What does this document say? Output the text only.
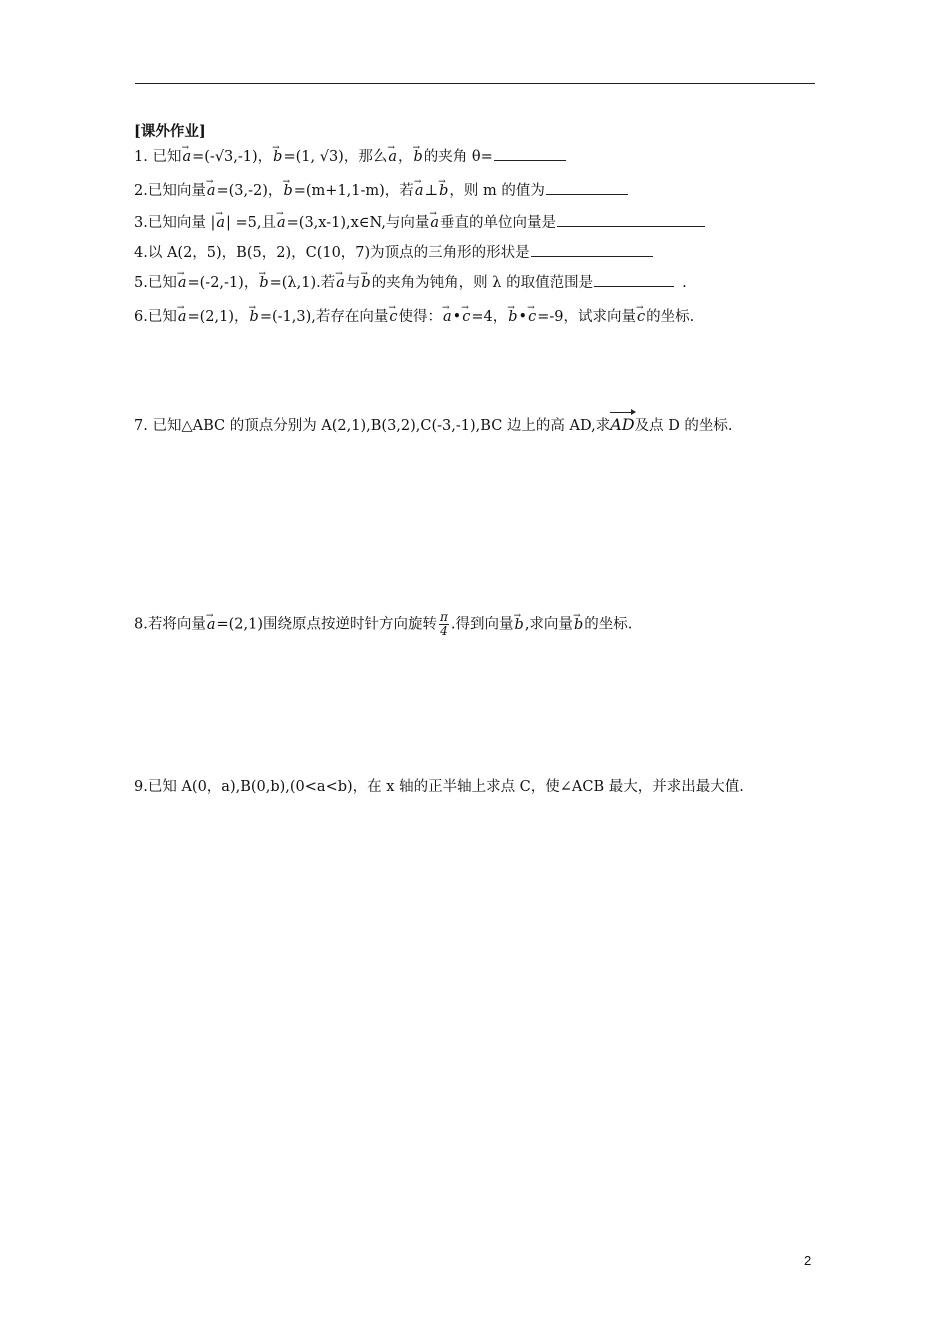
[课外作业]
1. 已知→ a=(-√3,-1)，→ b=(1, √3)，那么→ a，→ b的夹角 θ=
2.已知向量→ a=(3,-2)，→ b=(m+1,1-m)，若→ a⊥→ b，则 m 的值为
3.已知向量 |→ a| =5,且→ a=(3,x-1),x∈N,与向量→ a垂直的单位向量是
4.以 A(2，5)，B(5，2)，C(10，7)为顶点的三角形的形状是
5.已知→ a=(-2,-1)，→ b=(λ,1).若→ a与→ b的夹角为钝角，则 λ 的取值范围是	.
6.已知→ a=(2,1)，→ b=(-1,3),若存在向量→ c使得：→ a•→ c=4，→ b•→ c=-9，试求向量→ c的坐标.
7. 已知△ABC 的顶点分别为 A(2,1),B(3,2),C(-3,-1),BC 边上的高 AD,求AD及点 D 的坐标.
8.若将向量→ a=(2,1)围绕原点按逆时针方向旋转 $\frac{\pi}{4}$ .得到向量→ b,求向量→ b的坐标.
9.已知 A(0，a),B(0,b),(0<a<b)，在 x 轴的正半轴上求点 C，使∠ACB 最大，并求出最大值.
2
